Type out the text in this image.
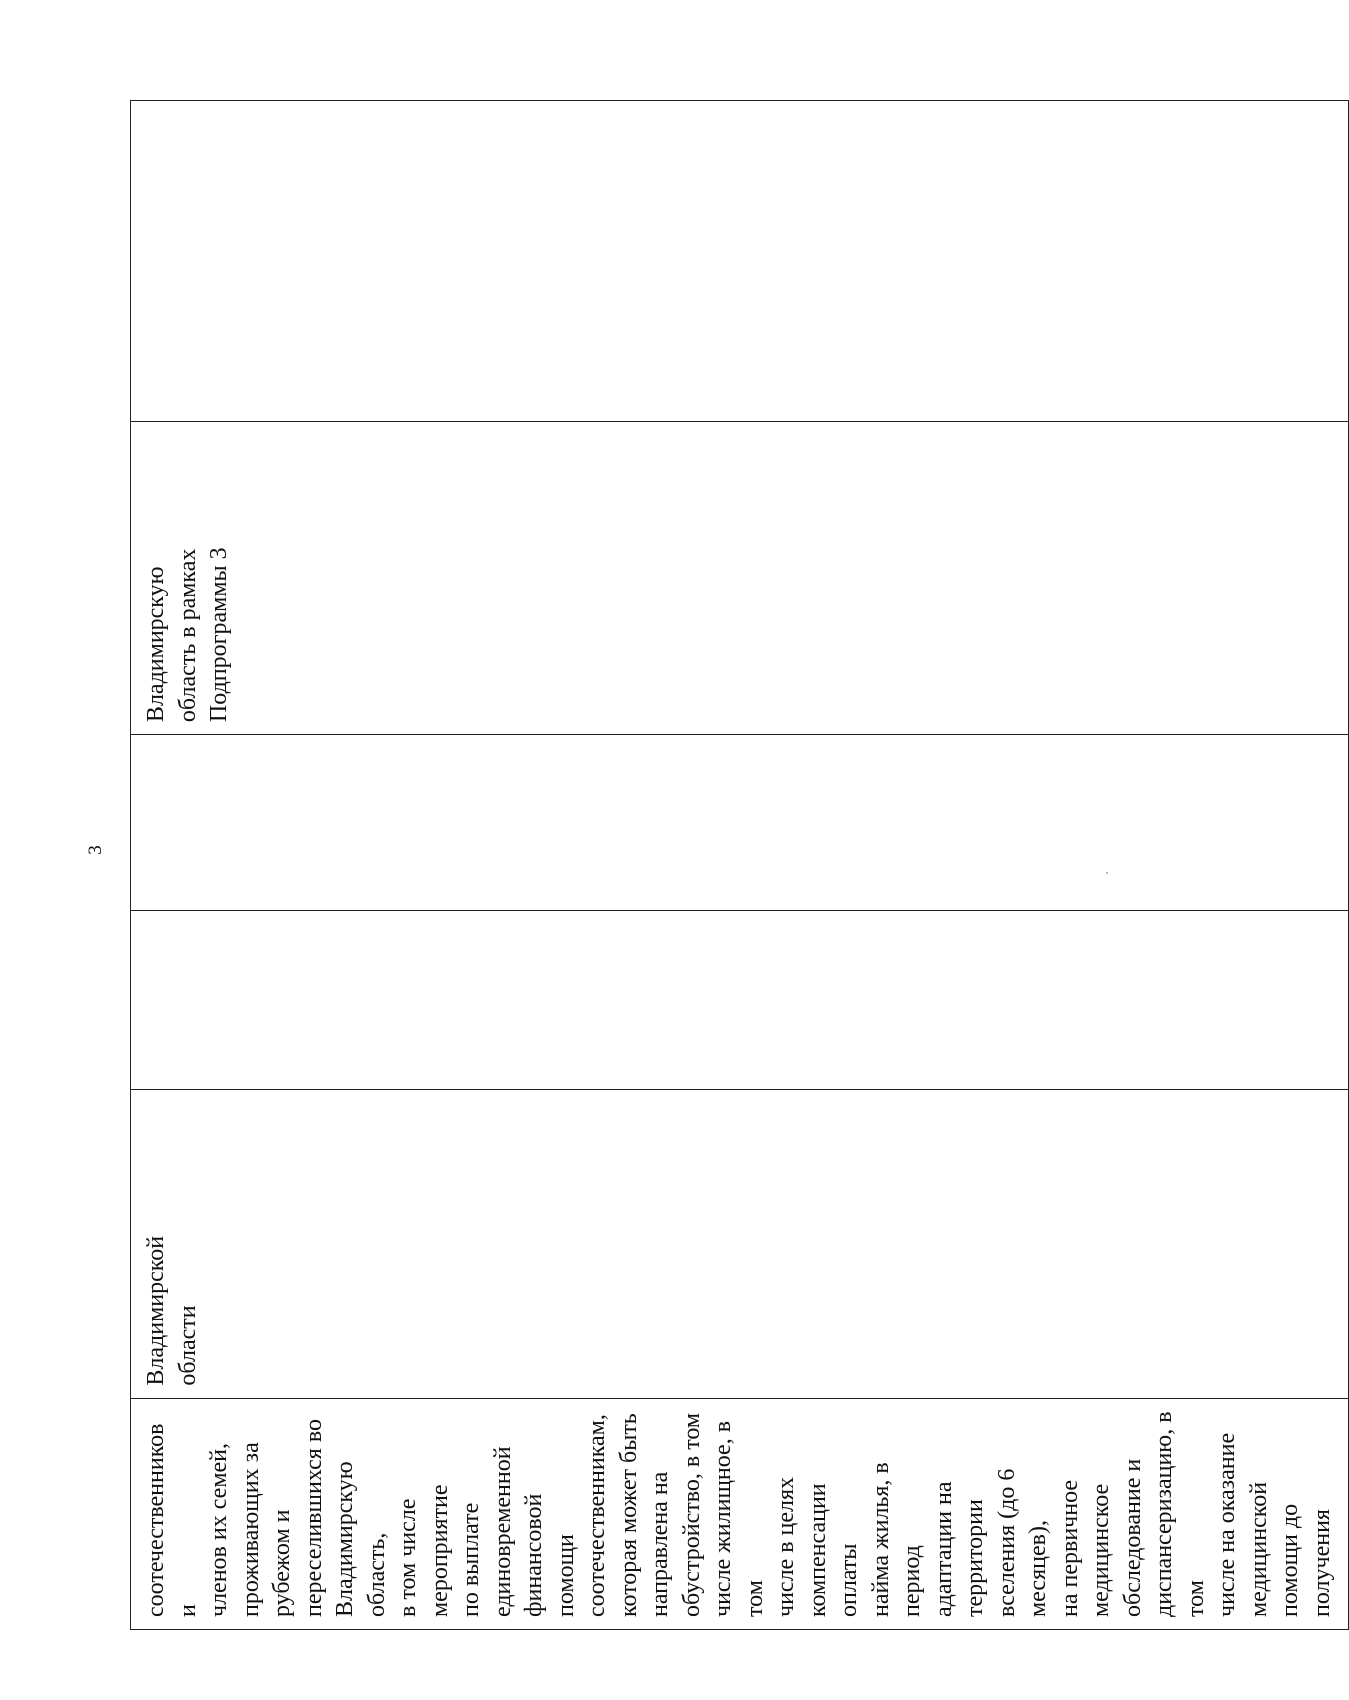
3
соотечественников и
членов их семей,
проживающих за
рубежом и
переселившихся во
Владимирскую область,
в том числе мероприятие
по выплате
единовременной
финансовой помощи
соотечественникам,
которая может быть
направлена на
обустройство, в том
числе жилищное, в том
числе в целях
компенсации оплаты
найма жилья, в период
адаптации на территории
вселения (до 6 месяцев),
на первичное
медицинское
обследование и
диспансеризацию, в том
числе на оказание
медицинской помощи до
получения	Владимирской
области			Владимирскую
область в рамках
Подпрограммы 3	
